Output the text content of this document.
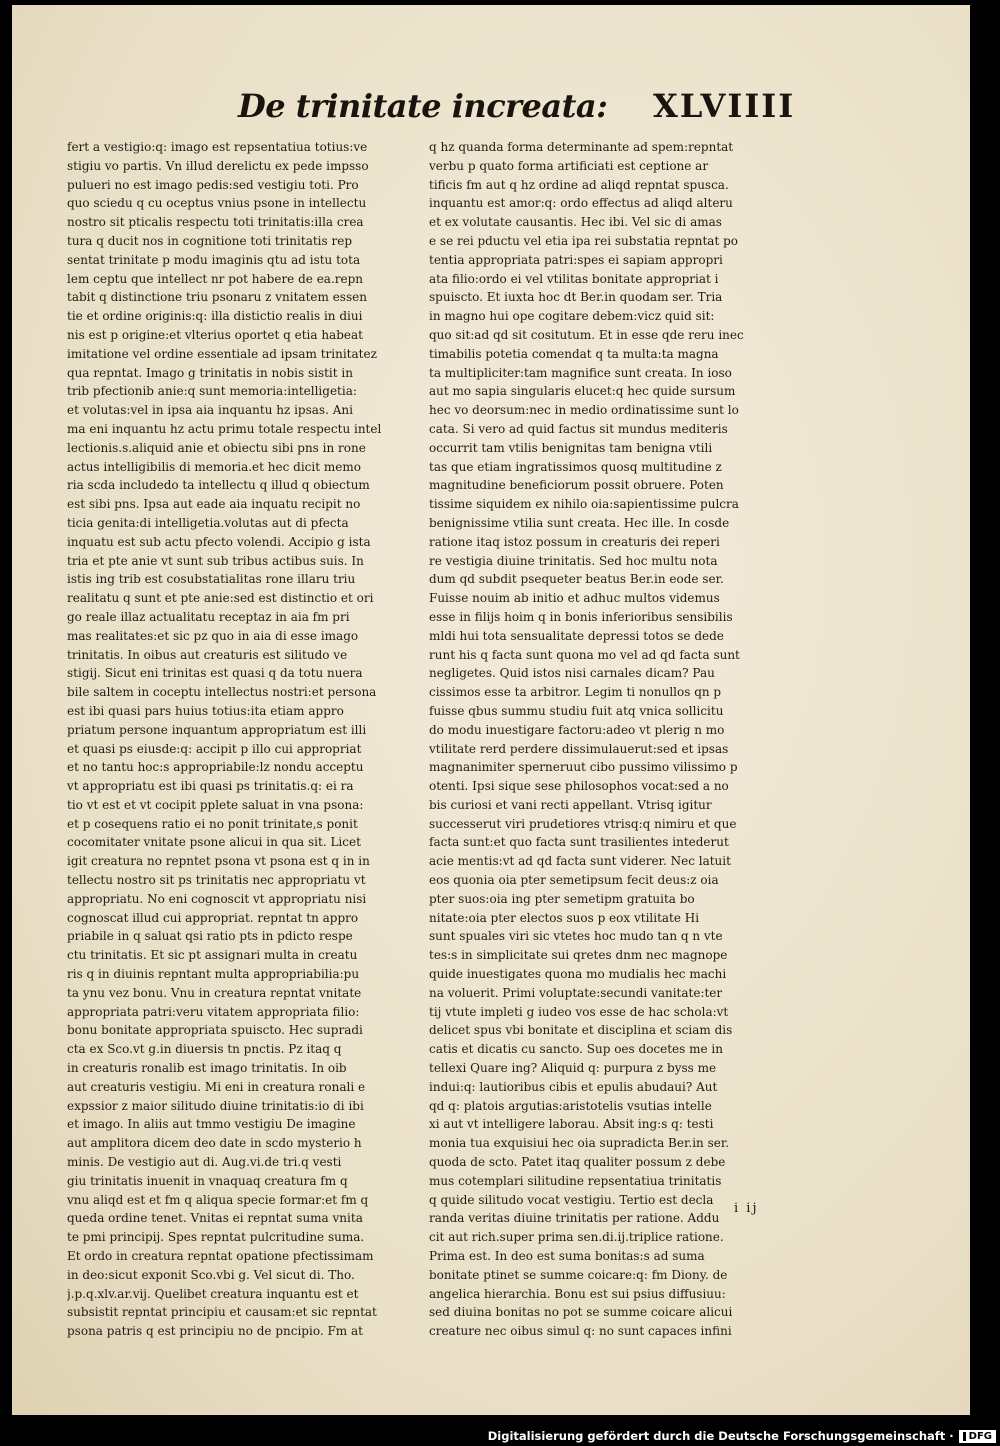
De trinitate increata: XLVIIII
fert a vestigio:q: imago est repsentatiua totius:ve
stigiu vo partis. Vn illud derelictu ex pede impsso
pulueri no est imago pedis:sed vestigiu toti. Pro
quo sciedu q cu oceptus vnius psone in intellectu
nostro sit pticalis respectu toti trinitatis:illa crea
tura q ducit nos in cognitione toti trinitatis rep
sentat trinitate p modu imaginis qtu ad istu tota
lem ceptu que intellect nr pot habere de ea.repn
tabit q distinctione triu psonaru z vnitatem essen
tie et ordine originis:q: illa distictio realis in diui
nis est p origine:et vlterius oportet q etia habeat
imitatione vel ordine essentiale ad ipsam trinitatez
qua repntat. Imago g trinitatis in nobis sistit in
trib pfectionib anie:q sunt memoria:intelligetia:
et volutas:vel in ipsa aia inquantu hz ipsas. Ani
ma eni inquantu hz actu primu totale respectu intel
lectionis.s.aliquid anie et obiectu sibi pns in rone
actus intelligibilis di memoria.et hec dicit memo
ria scda includedo ta intellectu q illud q obiectum
est sibi pns. Ipsa aut eade aia inquatu recipit no
ticia genita:di intelligetia.volutas aut di pfecta
inquatu est sub actu pfecto volendi. Accipio g ista
tria et pte anie vt sunt sub tribus actibus suis. In
istis ing trib est cosubstatialitas rone illaru triu
realitatu q sunt et pte anie:sed est distinctio et ori
go reale illaz actualitatu receptaz in aia fm pri
mas realitates:et sic pz quo in aia di esse imago
trinitatis. In oibus aut creaturis est silitudo ve
stigij. Sicut eni trinitas est quasi q da totu nuera
bile saltem in coceptu intellectus nostri:et persona
est ibi quasi pars huius totius:ita etiam appro
priatum persone inquantum appropriatum est illi
et quasi ps eiusde:q: accipit p illo cui appropriat
et no tantu hoc:s appropriabile:lz nondu acceptu
vt appropriatu est ibi quasi ps trinitatis.q: ei ra
tio vt est et vt cocipit pplete saluat in vna psona:
et p cosequens ratio ei no ponit trinitate,s ponit
cocomitater vnitate psone alicui in qua sit. Licet
igit creatura no repntet psona vt psona est q in in
tellectu nostro sit ps trinitatis nec appropriatu vt
appropriatu. No eni cognoscit vt appropriatu nisi
cognoscat illud cui appropriat. repntat tn appro
priabile in q saluat qsi ratio pts in pdicto respe
ctu trinitatis. Et sic pt assignari multa in creatu
ris q in diuinis repntant multa appropriabilia:pu
ta ynu vez bonu. Vnu in creatura repntat vnitate
appropriata patri:veru vitatem appropriata filio:
bonu bonitate appropriata spuiscto. Hec supradi
cta ex Sco.vt g.in diuersis tn pnctis. Pz itaq q
in creaturis ronalib est imago trinitatis. In oib
aut creaturis vestigiu. Mi eni in creatura ronali e
expssior z maior silitudo diuine trinitatis:io di ibi
et imago. In aliis aut tmmo vestigiu De imagine
aut amplitora dicem deo date in scdo mysterio h
minis. De vestigio aut di. Aug.vi.de tri.q vesti
giu trinitatis inuenit in vnaquaq creatura fm q
vnu aliqd est et fm q aliqua specie formar:et fm q
queda ordine tenet. Vnitas ei repntat suma vnita
te pmi principij. Spes repntat pulcritudine suma.
Et ordo in creatura repntat opatione pfectissimam
in deo:sicut exponit Sco.vbi g. Vel sicut di. Tho.
j.p.q.xlv.ar.vij. Quelibet creatura inquantu est et
subsistit repntat principiu et causam:et sic repntat
psona patris q est principiu no de pncipio. Fm at
q hz quanda forma determinante ad spem:repntat
verbu p quato forma artificiati est ceptione ar
tificis fm aut q hz ordine ad aliqd repntat spusca.
inquantu est amor:q: ordo effectus ad aliqd alteru
et ex volutate causantis. Hec ibi. Vel sic di amas
e se rei pductu vel etia ipa rei substatia repntat po
tentia appropriata patri:spes ei sapiam appropri
ata filio:ordo ei vel vtilitas bonitate appropriat i
spuiscto. Et iuxta hoc dt Ber.in quodam ser. Tria
in magno hui ope cogitare debem:vicz quid sit:
quo sit:ad qd sit cositutum. Et in esse qde reru inec
timabilis potetia comendat q ta multa:ta magna
ta multipliciter:tam magnifice sunt creata. In ioso
aut mo sapia singularis elucet:q hec quide sursum
hec vo deorsum:nec in medio ordinatissime sunt lo
cata. Si vero ad quid factus sit mundus mediteris
occurrit tam vtilis benignitas tam benigna vtili
tas que etiam ingratissimos quosq multitudine z
magnitudine beneficiorum possit obruere. Poten
tissime siquidem ex nihilo oia:sapientissime pulcra
benignissime vtilia sunt creata. Hec ille. In cosde
ratione itaq istoz possum in creaturis dei reperi
re vestigia diuine trinitatis. Sed hoc multu nota
dum qd subdit psequeter beatus Ber.in eode ser.
Fuisse nouim ab initio et adhuc multos videmus
esse in filijs hoim q in bonis inferioribus sensibilis
mldi hui tota sensualitate depressi totos se dede
runt his q facta sunt quona mo vel ad qd facta sunt
negligetes. Quid istos nisi carnales dicam? Pau
cissimos esse ta arbitror. Legim ti nonullos qn p
fuisse qbus summu studiu fuit atq vnica sollicitu
do modu inuestigare factoru:adeo vt plerig n mo
vtilitate rerd perdere dissimulauerut:sed et ipsas
magnanimiter sperneruut cibo pussimo vilissimo p
otenti. Ipsi sique sese philosophos vocat:sed a no
bis curiosi et vani recti appellant. Vtrisq igitur
successerut viri prudetiores vtrisq:q nimiru et que
facta sunt:et quo facta sunt trasilientes intederut
acie mentis:vt ad qd facta sunt viderer. Nec latuit
eos quonia oia pter semetipsum fecit deus:z oia
pter suos:oia ing pter semetipm gratuita bo
nitate:oia pter electos suos p eox vtilitate Hi
sunt spuales viri sic vtetes hoc mudo tan q n vte
tes:s in simplicitate sui qretes dnm nec magnope
quide inuestigates quona mo mudialis hec machi
na voluerit. Primi voluptate:secundi vanitate:ter
tij vtute impleti g iudeo vos esse de hac schola:vt
delicet spus vbi bonitate et disciplina et sciam dis
catis et dicatis cu sancto. Sup oes docetes me in
tellexi Quare ing? Aliquid q: purpura z byss me
indui:q: lautioribus cibis et epulis abudaui? Aut
qd q: platois argutias:aristotelis vsutias intelle
xi aut vt intelligere laborau. Absit ing:s q: testi
monia tua exquisiui hec oia supradicta Ber.in ser.
quoda de scto. Patet itaq qualiter possum z debe
mus cotemplari silitudine repsentatiua trinitatis
q quide silitudo vocat vestigiu. Tertio est decla
randa veritas diuine trinitatis per ratione. Addu
cit aut rich.super prima sen.di.ij.triplice ratione.
Prima est. In deo est suma bonitas:s ad suma
bonitate ptinet se summe coicare:q: fm Diony. de
angelica hierarchia. Bonu est sui psius diffusiuu:
sed diuina bonitas no pot se summe coicare alicui
creature nec oibus simul q: no sunt capaces infini
i ij
Digitalisierung gefördert durch die Deutsche Forschungsgemeinschaft · DFG
